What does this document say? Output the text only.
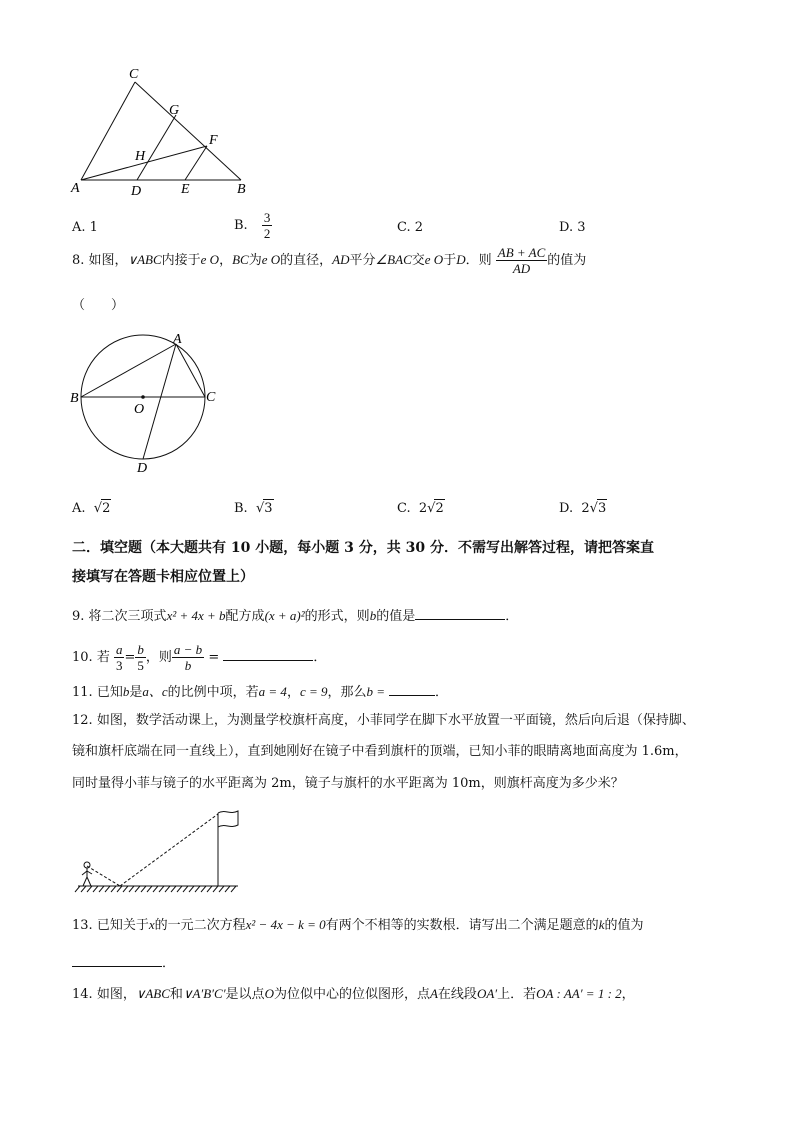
C
G
H
F
A	D	E	B
A. 1	B. $\frac{3}{2}$	C. 2	D. 3
8. 如图，∨ABC内接于e O，BC为e O的直径，AD平分∠BAC交e O于D．则 $\frac{AB + AC}{AD}$ 的值为
（　　）
A
B
O
C
D
A. √2	B. √3	C. 2√2	D. 2√3
二．填空题（本大题共有 10 小题，每小题 3 分，共 30 分．不需写出解答过程，请把答案直
接填写在答题卡相应位置上）
9. 将二次三项式x² + 4x + b配方成(x + a)²的形式，则b的值是	．
10. 若 $\frac{a}{3} = \frac{b}{5}$ ，则 $\frac{a - b}{b}$ =	．
11. 已知b是a、c的比例中项，若a = 4，c = 9，那么b =	．
12. 如图，数学活动课上，为测量学校旗杆高度，小菲同学在脚下水平放置一平面镜，然后向后退（保持脚、
镜和旗杆底端在同一直线上），直到她刚好在镜子中看到旗杆的顶端，已知小菲的眼睛离地面高度为 1.6m，
同时量得小菲与镜子的水平距离为 2m，镜子与旗杆的水平距离为 10m，则旗杆高度为多少米？
13. 已知关于x的一元二次方程x² − 4x − k = 0有两个不相等的实数根．请写出二个满足题意的k的值为
．
14. 如图，∨ABC和∨A′B′C′是以点O为位似中心的位似图形，点A在线段OA′上．若OA : AA′ = 1 : 2，
